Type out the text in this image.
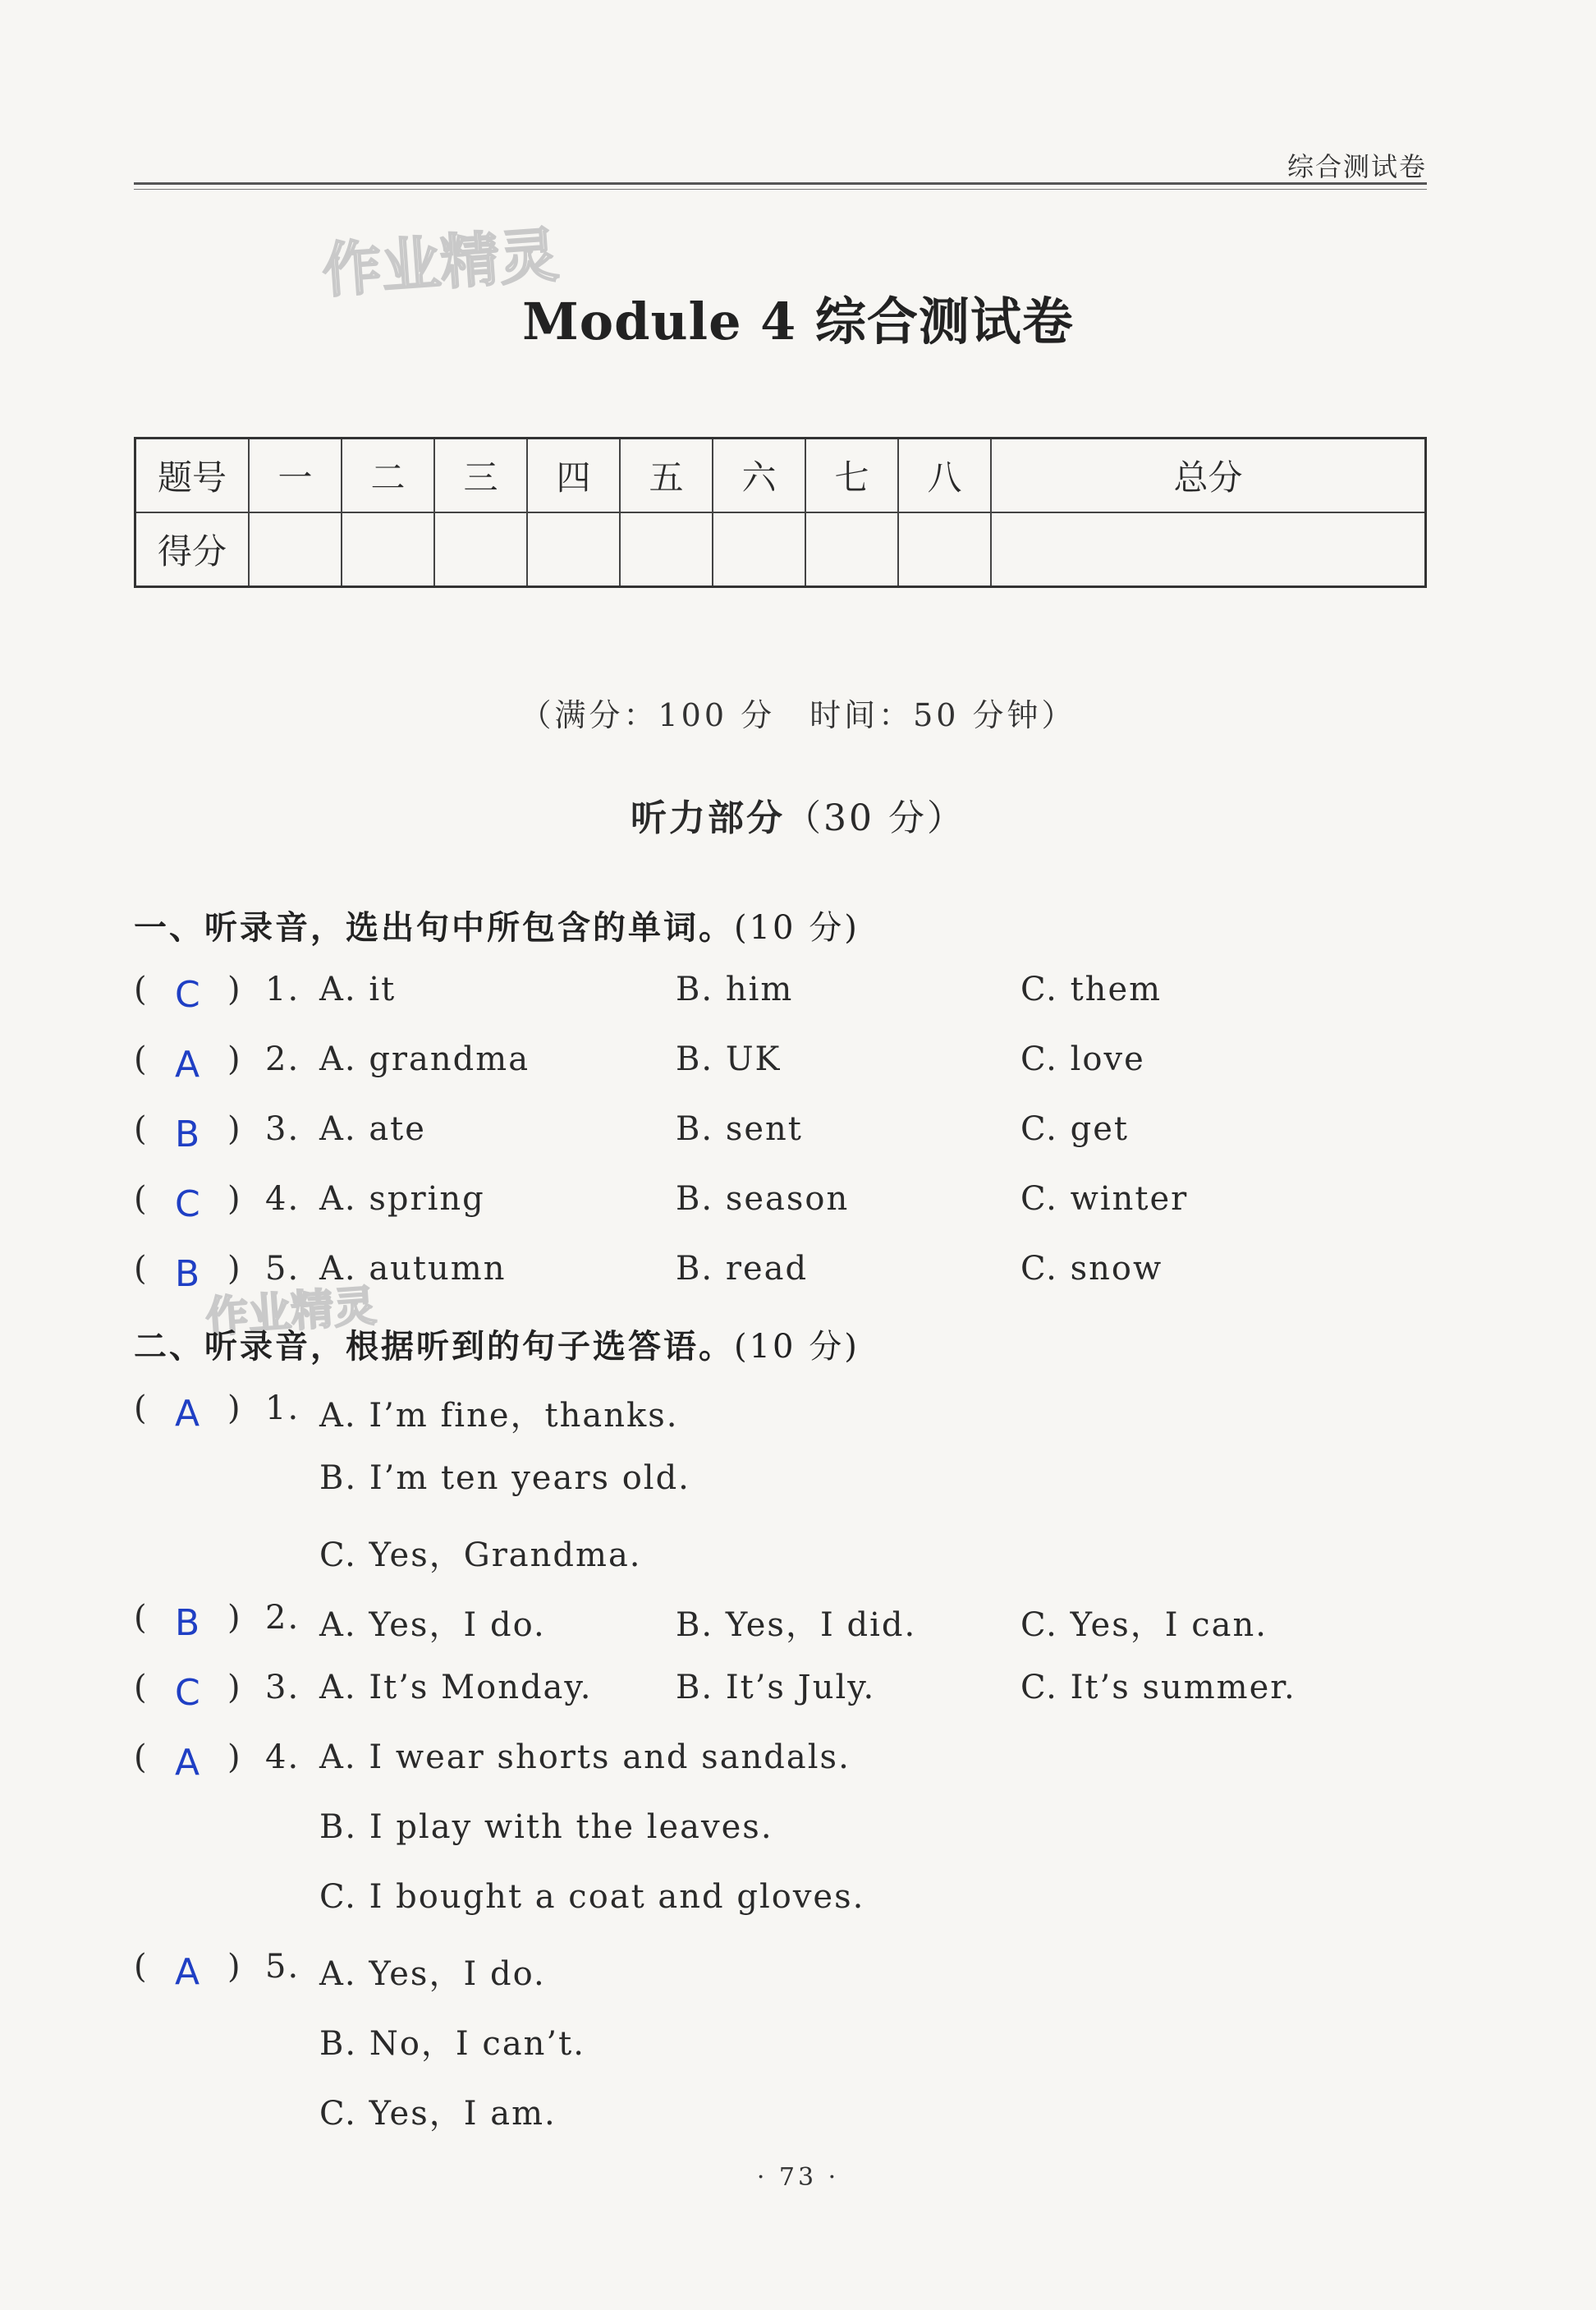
综合测试卷
作业精灵
作业精灵
Module 4 综合测试卷
题号	一	二	三	四	五	六	七	八	总分
得分									
（满分：100 分　时间：50 分钟）
听力部分（30 分）
一、听录音，选出句中所包含的单词。(10 分)
( C ) 1. A. it	B. him	C. them
( A ) 2. A. grandma	B. UK	C. love
( B ) 3. A. ate	B. sent	C. get
( C ) 4. A. spring	B. season	C. winter
( B ) 5. A. autumn	B. read	C. snow
二、听录音，根据听到的句子选答语。(10 分)
( A ) 1. A. I’m fine，thanks.
B. I’m ten years old.
C. Yes，Grandma.
( B ) 2. A. Yes，I do.	B. Yes，I did.	C. Yes，I can.
( C ) 3. A. It’s Monday.	B. It’s July.	C. It’s summer.
( A ) 4. A. I wear shorts and sandals.
B. I play with the leaves.
C. I bought a coat and gloves.
( A ) 5. A. Yes，I do.
B. No，I can’t.
C. Yes，I am.
· 73 ·
